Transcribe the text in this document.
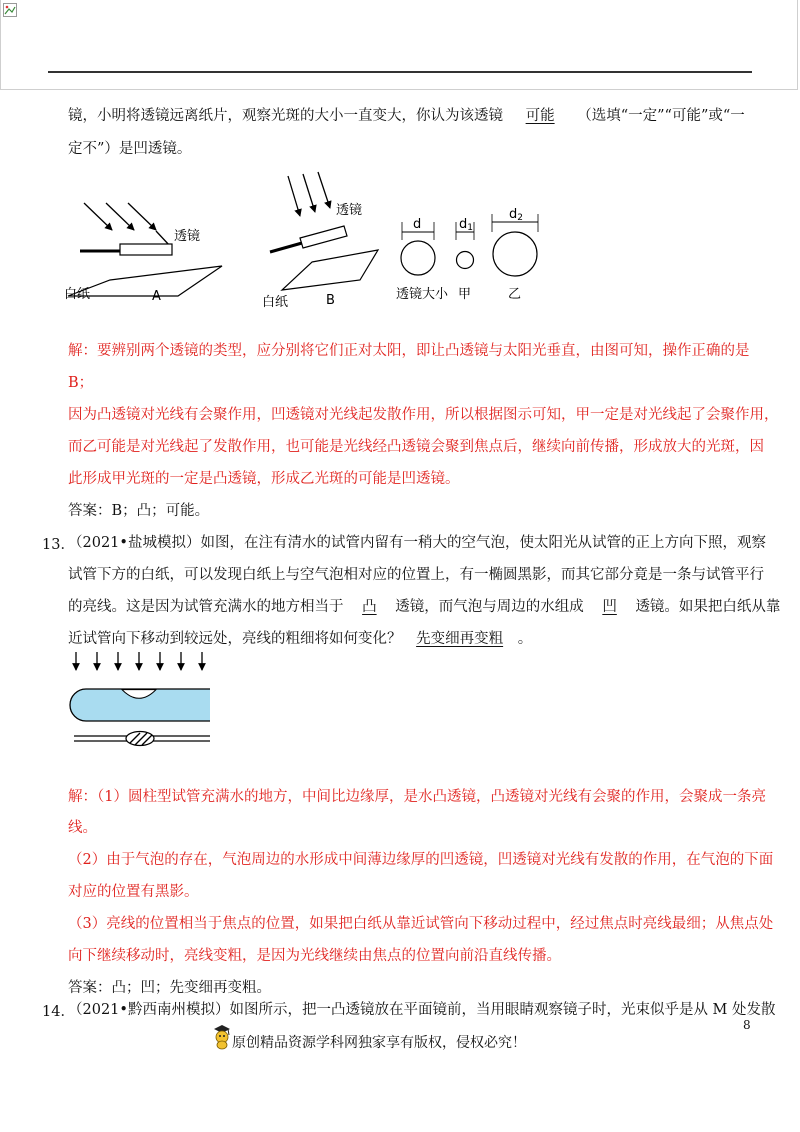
镜，小明将透镜远离纸片，观察光斑的大小一直变大，你认为该透镜 可能 （选填“一定”“可能”或“一
定不”）是凹透镜。
透镜
白纸	A
透镜
白纸	B
d	d1
d2
透镜大小 甲	乙
解：要辨别两个透镜的类型，应分别将它们正对太阳，即让凸透镜与太阳光垂直，由图可知，操作正确的是
B；
因为凸透镜对光线有会聚作用，凹透镜对光线起发散作用，所以根据图示可知，甲一定是对光线起了会聚作用，
而乙可能是对光线起了发散作用，也可能是光线经凸透镜会聚到焦点后，继续向前传播，形成放大的光斑，因
此形成甲光斑的一定是凸透镜，形成乙光斑的可能是凹透镜。
答案：B；凸；可能。
13．
（2021•盐城模拟）如图，在注有清水的试管内留有一稍大的空气泡，使太阳光从试管的正上方向下照，观察
试管下方的白纸，可以发现白纸上与空气泡相对应的位置上，有一椭圆黑影，而其它部分竟是一条与试管平行
的亮线。这是因为试管充满水的地方相当于 凸 透镜，而气泡与周边的水组成 凹 透镜。如果把白纸从靠
近试管向下移动到较远处，亮线的粗细将如何变化？ 先变细再变粗 。
解：（1）圆柱型试管充满水的地方，中间比边缘厚，是水凸透镜，凸透镜对光线有会聚的作用，会聚成一条亮
线。
（2）由于气泡的存在，气泡周边的水形成中间薄边缘厚的凹透镜，凹透镜对光线有发散的作用，在气泡的下面
对应的位置有黑影。
（3）亮线的位置相当于焦点的位置，如果把白纸从靠近试管向下移动过程中，经过焦点时亮线最细；从焦点处
向下继续移动时，亮线变粗，是因为光线继续由焦点的位置向前沿直线传播。
答案：凸；凹；先变细再变粗。
14．
（2021•黔西南州模拟）如图所示，把一凸透镜放在平面镜前，当用眼睛观察镜子时，光束似乎是从 M 处发散
8
原创精品资源学科网独家享有版权，侵权必究！
